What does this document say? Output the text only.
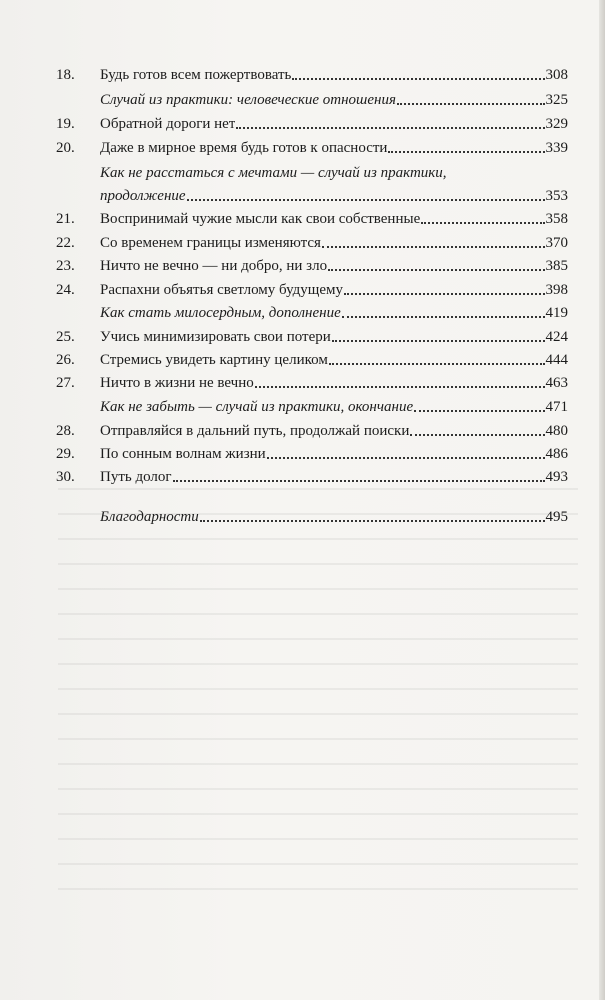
18.	Будь готов всем пожертвовать	308
Случай из практики: человеческие отношения	325
19.	Обратной дороги нет	329
20.	Даже в мирное время будь готов к опасности	339
Как не расстаться с мечтами — случай из практики,
продолжение	353
21.	Воспринимай чужие мысли как свои собственные	358
22.	Со временем границы изменяются	370
23.	Ничто не вечно — ни добро, ни зло	385
24.	Распахни объятья светлому будущему	398
Как стать милосердным, дополнение	419
25.	Учись минимизировать свои потери	424
26.	Стремись увидеть картину целиком	444
27.	Ничто в жизни не вечно	463
Как не забыть — случай из практики, окончание	471
28.	Отправляйся в дальний путь, продолжай поиски	480
29.	По сонным волнам жизни	486
30.	Путь долог	493
Благодарности	495
